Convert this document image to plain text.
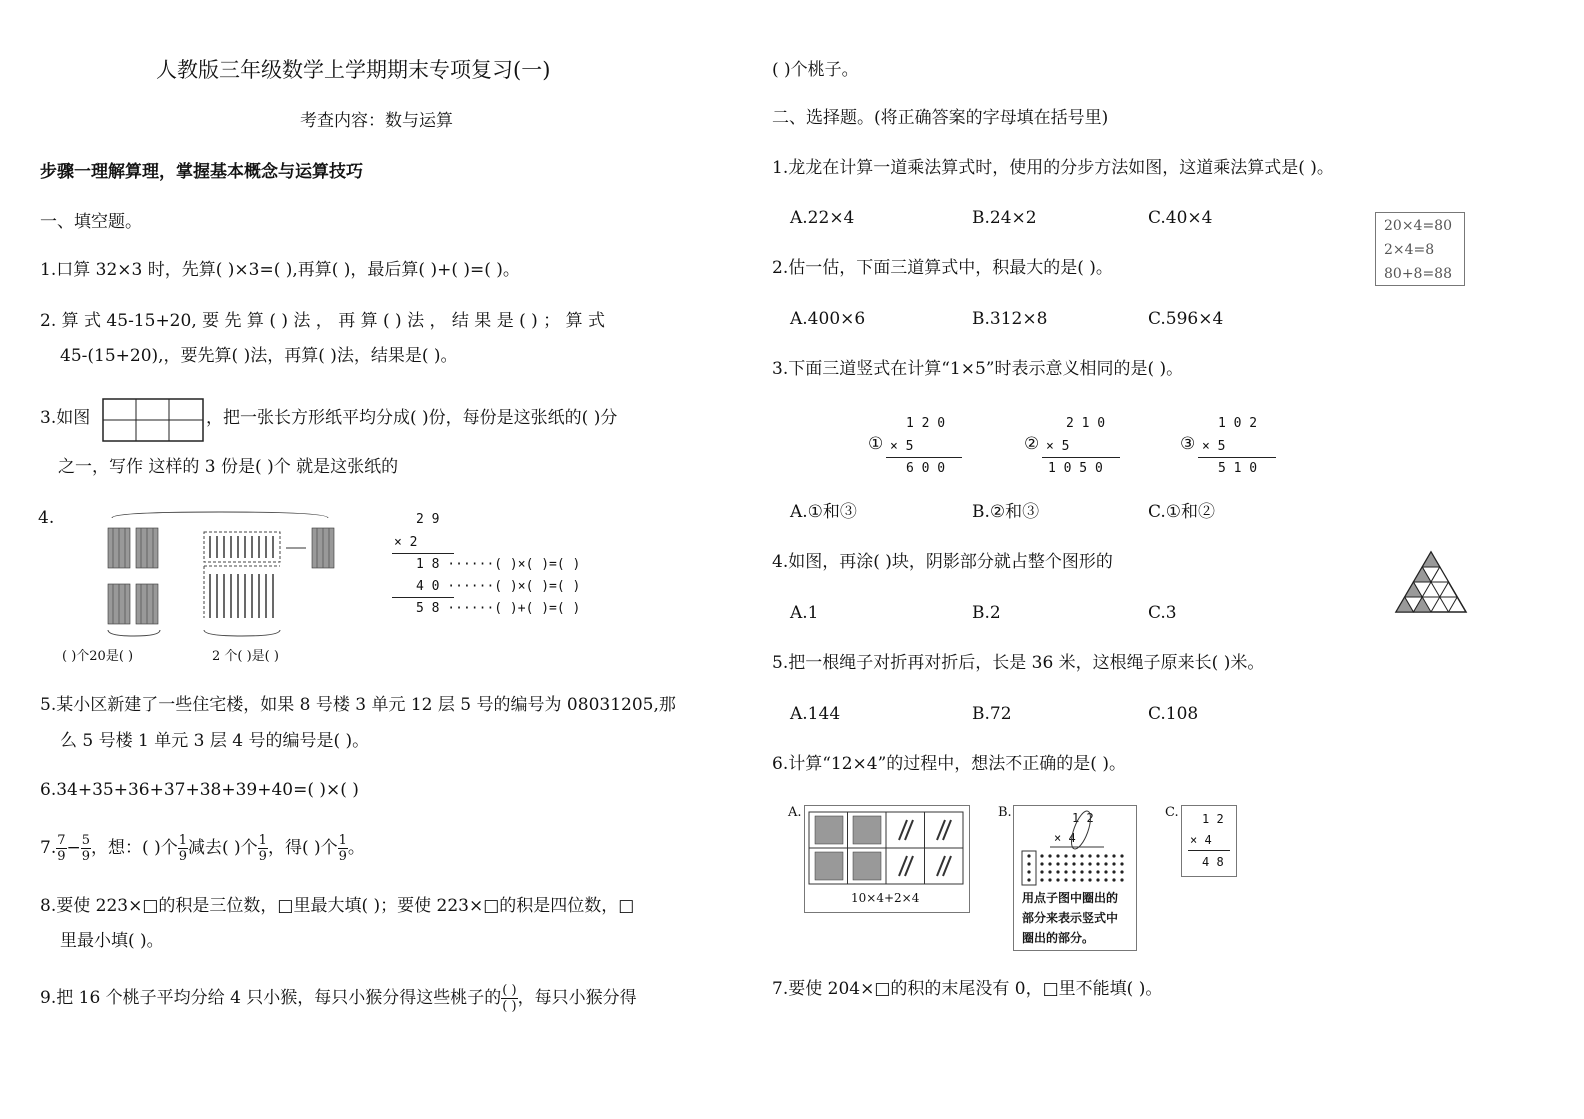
人教版三年级数学上学期期末专项复习(一)
考查内容：数与运算
步骤一理解算理，掌握基本概念与运算技巧
一、填空题。
1.口算 32×3 时，先算( )×3=( ),再算( )，最后算( )+( )=( )。
2. 算 式 45-15+20, 要 先 算 ( ) 法 ， 再 算 ( ) 法 ， 结 果 是 ( ) ； 算 式
45-(15+20),，要先算( )法，再算( )法，结果是( )。
3.如图	，把一张长方形纸平均分成( )份，每份是这张纸的( )分
之一，写作 这样的 3 份是( )个 就是这张纸的
4.
( )个20是( )	2 个( )是( )
2 9
× 2
1 8 ······( )×( )=( )
4 0 ······( )×( )=( )
5 8 ······( )+( )=( )
5.某小区新建了一些住宅楼，如果 8 号楼 3 单元 12 层 5 号的编号为 08031205,那
么 5 号楼 1 单元 3 层 4 号的编号是( )。
6.34+35+36+37+38+39+40=( )×( )
7. $\frac{7}{9} - \frac{5}{9}$ ，想：( )个 $\frac{1}{9}$ 减去( )个 $\frac{1}{9}$ ，得( )个 $\frac{1}{9}$ 。
8.要使 223×□的积是三位数，□里最大填( )；要使 223×□的积是四位数，□
里最小填( )。
9.把 16 个桃子平均分给 4 只小猴，每只小猴分得这些桃子的 ( )
( ) ，每只小猴分得
( )个桃子。
二、选择题。(将正确答案的字母填在括号里)
1.龙龙在计算一道乘法算式时，使用的分步方法如图，这道乘法算式是( )。
A.22×4	B.24×2	C.40×4	20×4=80
2×4=8
80+8=88
2.估一估，下面三道算式中，积最大的是( )。
A.400×6	B.312×8	C.596×4
3.下面三道竖式在计算“1×5”时表示意义相同的是( )。
①
1 2 0
× 5
6 0 0
②
2 1 0
× 5
1 0 5 0
③
1 0 2
× 5
5 1 0
A.①和③	B.②和③	C.①和②
4.如图，再涂( )块，阴影部分就占整个图形的
A.1	B.2	C.3
5.把一根绳子对折再对折后，长是 36 米，这根绳子原来长( )米。
A.144	B.72	C.108
6.计算“12×4”的过程中，想法不正确的是( )。
A.
10×4+2×4
B.	1 2
× 4
用点子图中圈出的
部分来表示竖式中
圈出的部分。
C. 1 2
× 4
4 8
7.要使 204×□的积的末尾没有 0，□里不能填( )。
